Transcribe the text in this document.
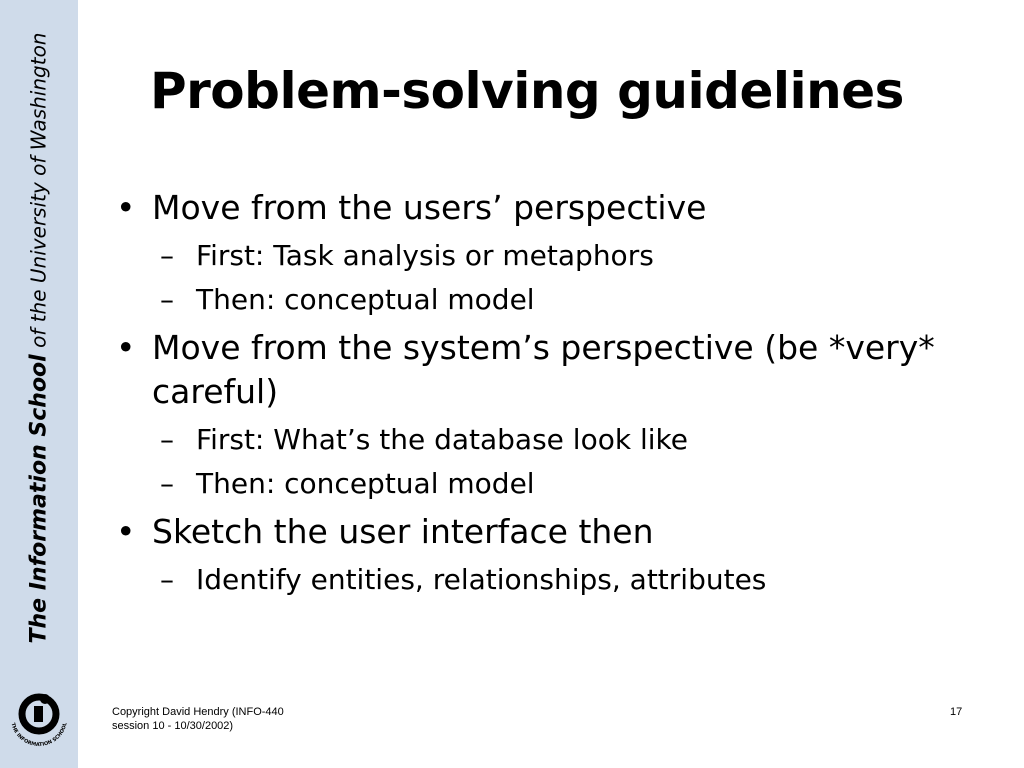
The Information School of the University of Washington
THE INFORMATION SCHOOL
Problem-solving guidelines
• Move from the users’ perspective
– First: Task analysis or metaphors
– Then: conceptual model
• Move from the system’s perspective (be *very* careful)
– First: What’s the database look like
– Then: conceptual model
• Sketch the user interface then
– Identify entities, relationships, attributes
Copyright David Hendry (INFO-440
session 10 - 10/30/2002)
17
